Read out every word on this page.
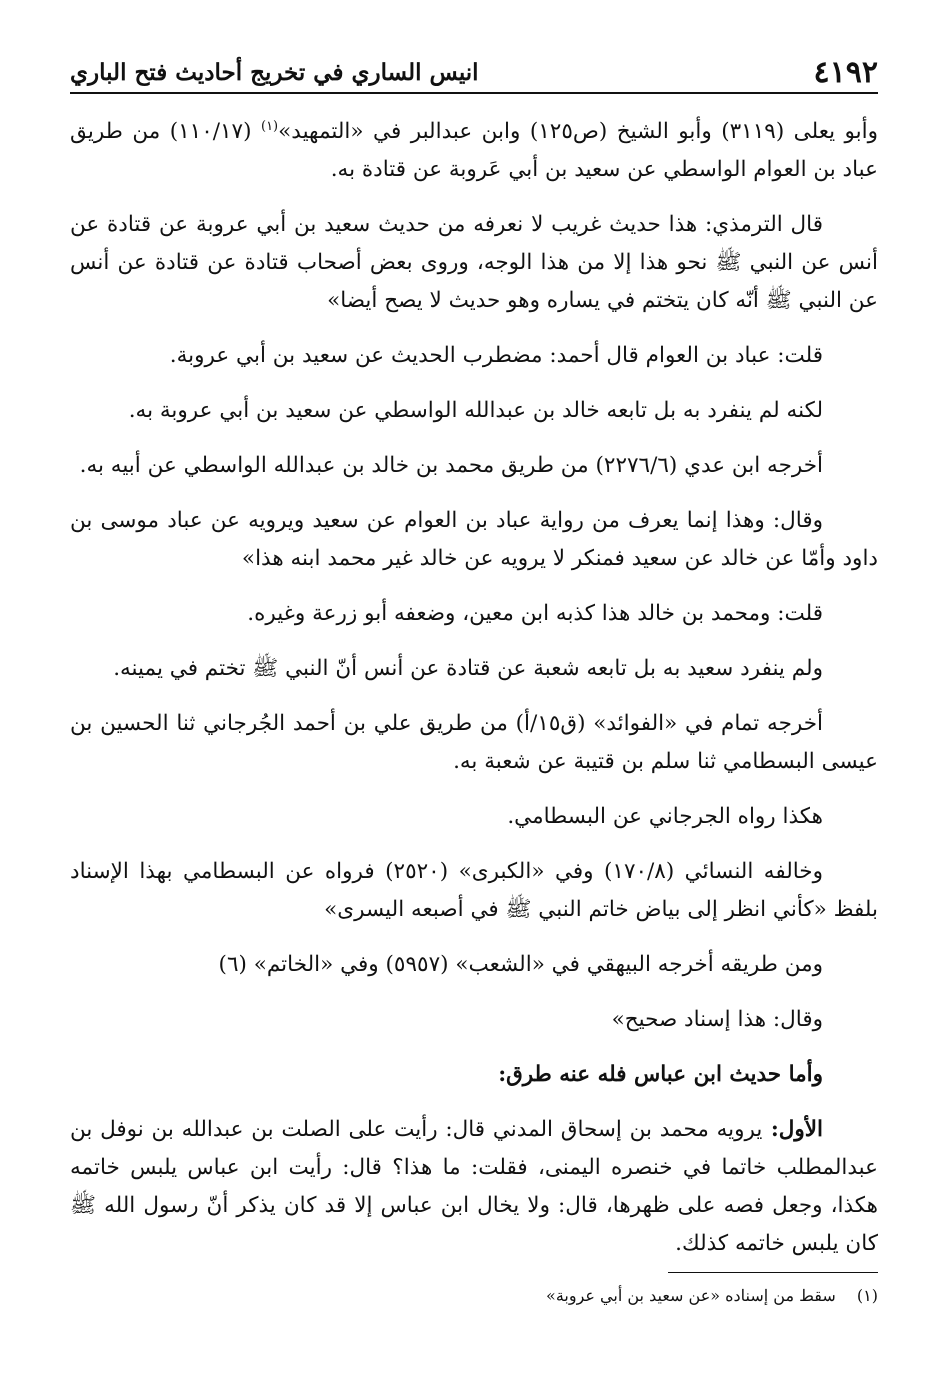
٤١٩٢
انيس الساري في تخريج أحاديث فتح الباري

وأبو يعلى (٣١١٩) وأبو الشيخ (ص١٢٥) وابن عبدالبر في «التمهيد»$^{(١)}$ (١١٠/١٧) من طريق عباد بن العوام الواسطي عن سعيد بن أبي عَروبة عن قتادة به.

قال الترمذي: هذا حديث غريب لا نعرفه من حديث سعيد بن أبي عروبة عن قتادة عن أنس عن النبي ﷺ نحو هذا إلا من هذا الوجه، وروى بعض أصحاب قتادة عن قتادة عن أنس عن النبي ﷺ أنّه كان يتختم في يساره وهو حديث لا يصح أيضا»

قلت: عباد بن العوام قال أحمد: مضطرب الحديث عن سعيد بن أبي عروبة.

لكنه لم ينفرد به بل تابعه خالد بن عبدالله الواسطي عن سعيد بن أبي عروبة به.

أخرجه ابن عدي (٢٢٧٦/٦) من طريق محمد بن خالد بن عبدالله الواسطي عن أبيه به.

وقال: وهذا إنما يعرف من رواية عباد بن العوام عن سعيد ويرويه عن عباد موسى بن داود وأمّا عن خالد عن سعيد فمنكر لا يرويه عن خالد غير محمد ابنه هذا»

قلت: ومحمد بن خالد هذا كذبه ابن معين، وضعفه أبو زرعة وغيره.

ولم ينفرد سعيد به بل تابعه شعبة عن قتادة عن أنس أنّ النبي ﷺ تختم في يمينه.

أخرجه تمام في «الفوائد» (ق١٥/أ) من طريق علي بن أحمد الجُرجاني ثنا الحسين بن عيسى البسطامي ثنا سلم بن قتيبة عن شعبة به.

هكذا رواه الجرجاني عن البسطامي.

وخالفه النسائي (١٧٠/٨) وفي «الكبرى» (٢٥٢٠) فرواه عن البسطامي بهذا الإسناد بلفظ «كأني انظر إلى بياض خاتم النبي ﷺ في أصبعه اليسرى»

ومن طريقه أخرجه البيهقي في «الشعب» (٥٩٥٧) وفي «الخاتم» (٦)

وقال: هذا إسناد صحيح»

وأما حديث ابن عباس فله عنه طرق:

الأول: يرويه محمد بن إسحاق المدني قال: رأيت على الصلت بن عبدالله بن نوفل بن عبدالمطلب خاتما في خنصره اليمنى، فقلت: ما هذا؟ قال: رأيت ابن عباس يلبس خاتمه هكذا، وجعل فصه على ظهرها، قال: ولا يخال ابن عباس إلا قد كان يذكر أنّ رسول الله ﷺ كان يلبس خاتمه كذلك.

(١) سقط من إسناده «عن سعيد بن أبي عروبة»
